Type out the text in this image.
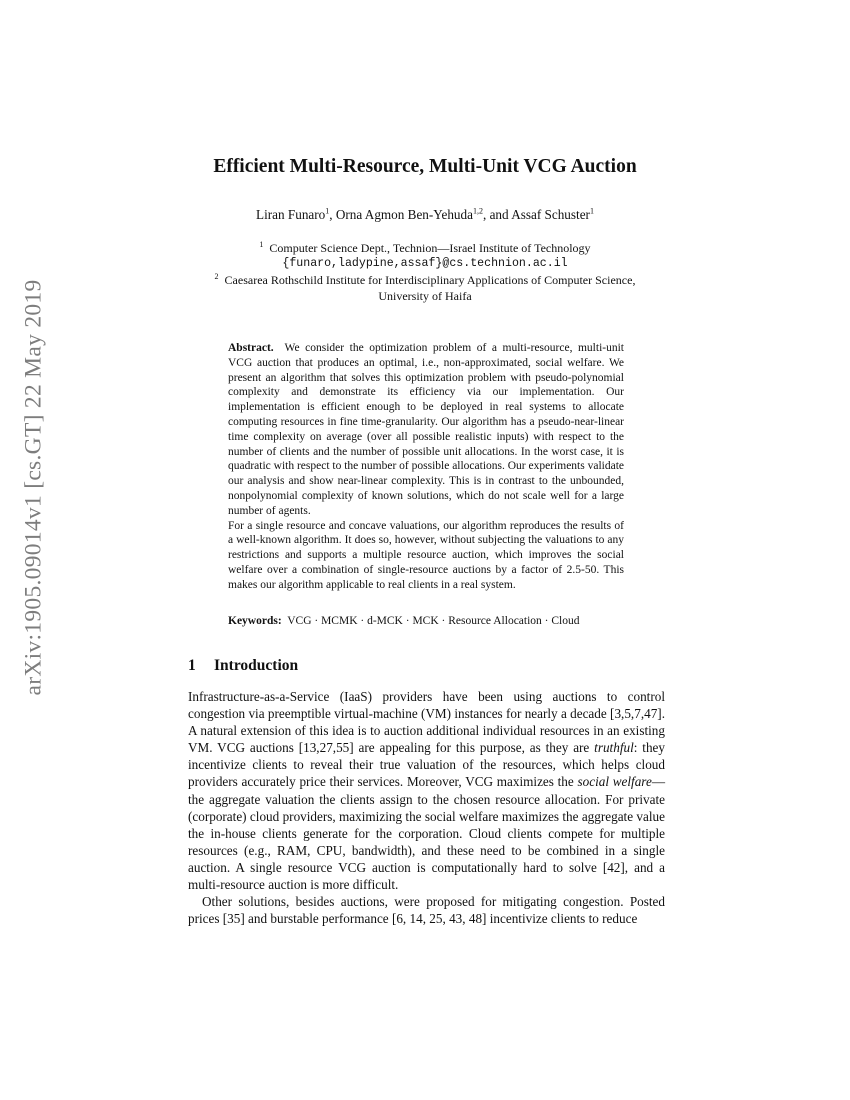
arXiv:1905.09014v1 [cs.GT] 22 May 2019
Efficient Multi-Resource, Multi-Unit VCG Auction
Liran Funaro$^1$, Orna Agmon Ben-Yehuda$^{1,2}$, and Assaf Schuster$^1$
$^1$ Computer Science Dept., Technion—Israel Institute of Technology
{funaro,ladypine,assaf}@cs.technion.ac.il
$^2$ Caesarea Rothschild Institute for Interdisciplinary Applications of Computer Science,
University of Haifa

Abstract. We consider the optimization problem of a multi-resource, multi-unit VCG auction that produces an optimal, i.e., non-approximated, social welfare. We present an algorithm that solves this optimization problem with pseudo-polynomial complexity and demonstrate its efficiency via our implementation. Our implementation is efficient enough to be deployed in real systems to allocate computing resources in fine time-granularity. Our algorithm has a pseudo-near-linear time complexity on average (over all possible realistic inputs) with respect to the number of clients and the number of possible unit allocations. In the worst case, it is quadratic with respect to the number of possible allocations. Our experiments validate our analysis and show near-linear complexity. This is in contrast to the unbounded, nonpolynomial complexity of known solutions, which do not scale well for a large number of agents.

For a single resource and concave valuations, our algorithm reproduces the results of a well-known algorithm. It does so, however, without subjecting the valuations to any restrictions and supports a multiple resource auction, which improves the social welfare over a combination of single-resource auctions by a factor of 2.5-50. This makes our algorithm applicable to real clients in a real system.

Keywords: VCG · MCMK · d-MCK · MCK · Resource Allocation · Cloud
1 Introduction

Infrastructure-as-a-Service (IaaS) providers have been using auctions to control congestion via preemptible virtual-machine (VM) instances for nearly a decade [3,5,7,47]. A natural extension of this idea is to auction additional individual resources in an existing VM. VCG auctions [13,27,55] are appealing for this purpose, as they are truthful: they incentivize clients to reveal their true valuation of the resources, which helps cloud providers accurately price their services. Moreover, VCG maximizes the social welfare—the aggregate valuation the clients assign to the chosen resource allocation. For private (corporate) cloud providers, maximizing the social welfare maximizes the aggregate value the in-house clients generate for the corporation. Cloud clients compete for multiple resources (e.g., RAM, CPU, bandwidth), and these need to be combined in a single auction. A single resource VCG auction is computationally hard to solve [42], and a multi-resource auction is more difficult.

Other solutions, besides auctions, were proposed for mitigating congestion. Posted prices [35] and burstable performance [6, 14, 25, 43, 48] incentivize clients to reduce
